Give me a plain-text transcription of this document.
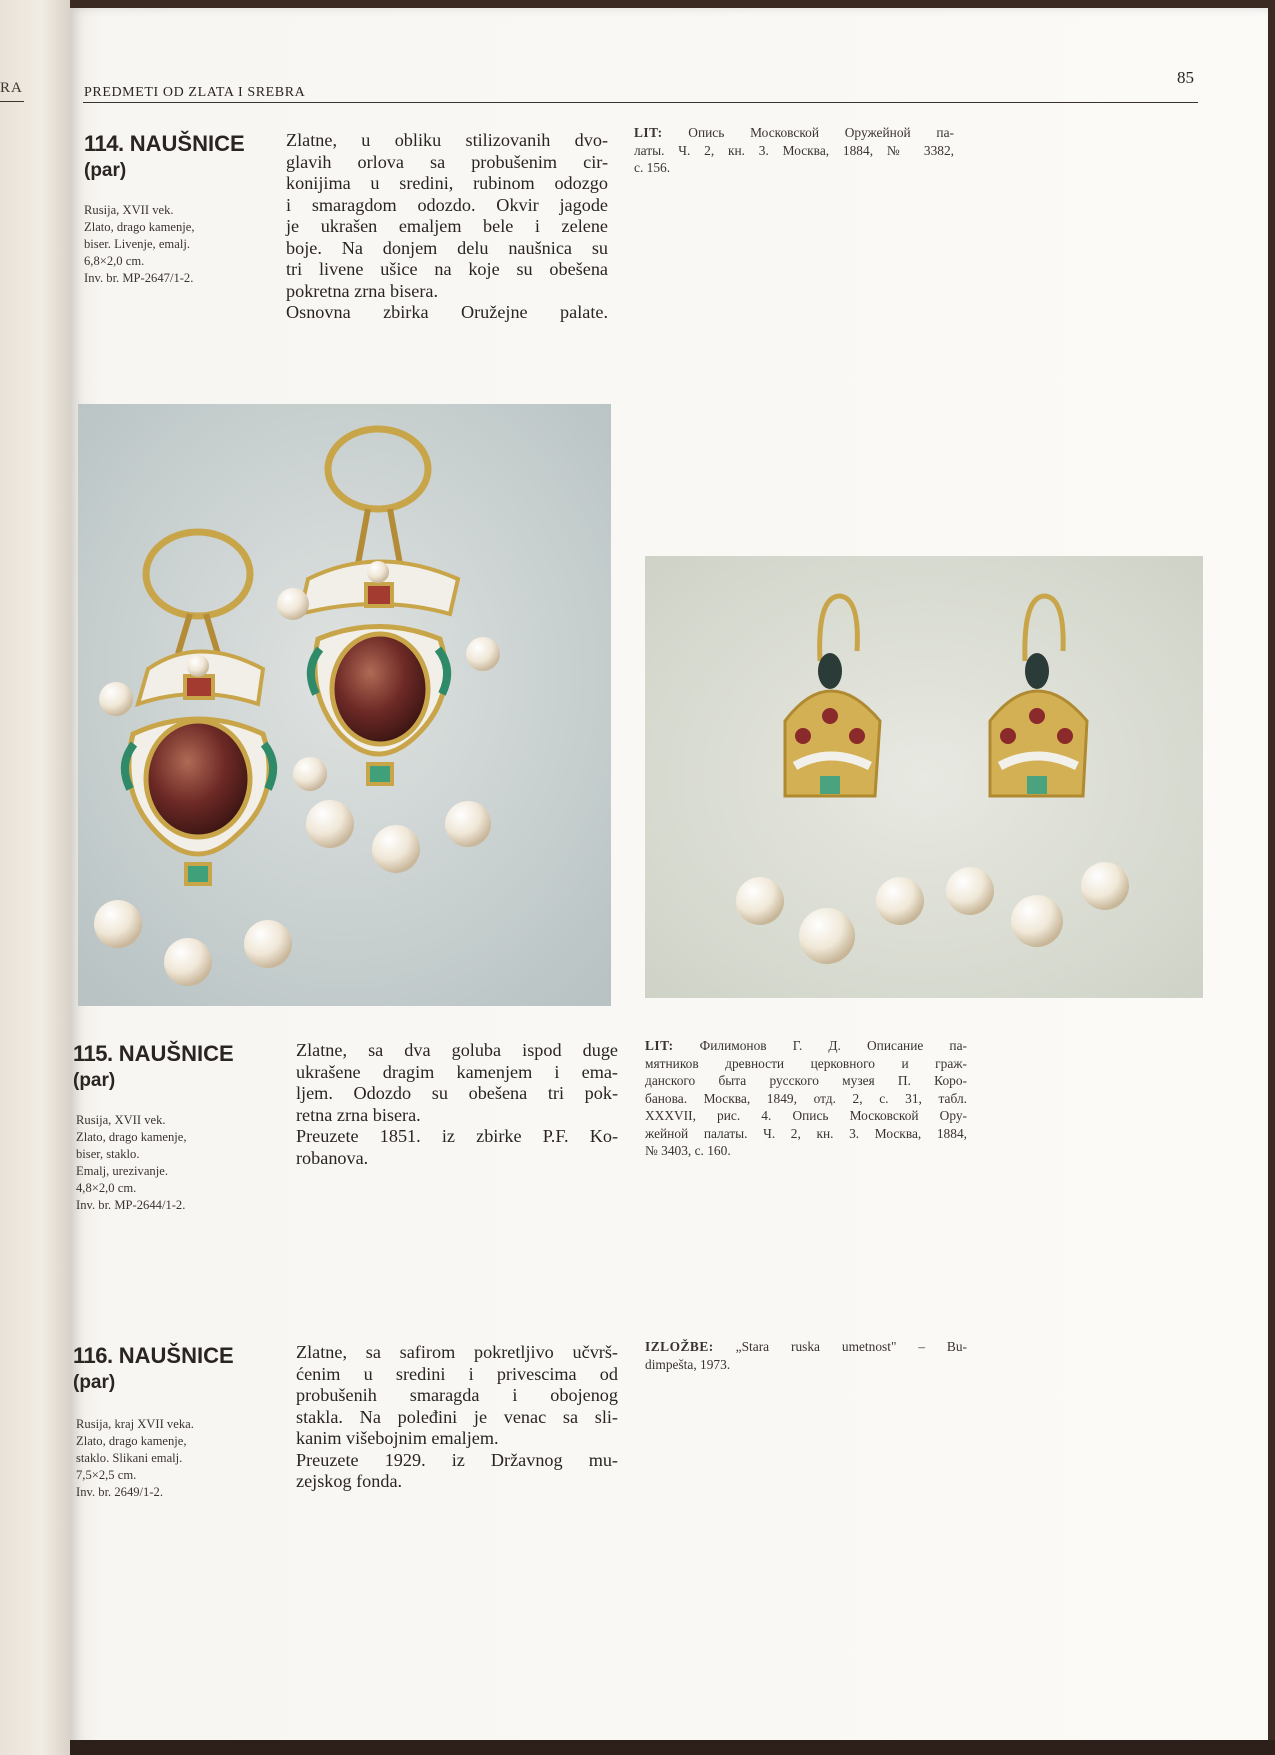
RA	PREDMETI OD ZLATA I SREBRA
85
114. NAUŠNICE
(par)
Rusija, XVII vek.
Zlato, drago kamenje,
biser. Livenje, emalj.
6,8×2,0 cm.
Inv. br. MP-2647/1-2.
Zlatne, u obliku stilizovanih dvo-
glavih orlova sa probušenim cir-
konijima u sredini, rubinom odozgo
i smaragdom odozdo. Okvir jagode
je ukrašen emaljem bele i zelene
boje. Na donjem delu naušnica su
tri livene ušice na koje su obešena
pokretna zrna bisera.
Osnovna zbirka Oružejne palate.
LIT: Опись Московской Оружейной па-
латы. Ч. 2, кн. 3. Москва, 1884, № 3382,
с. 156.
115. NAUŠNICE
(par)
Rusija, XVII vek.
Zlato, drago kamenje,
biser, staklo.
Emalj, urezivanje.
4,8×2,0 cm.
Inv. br. MP-2644/1-2.
Zlatne, sa dva goluba ispod duge
ukrašene dragim kamenjem i ema-
ljem. Odozdo su obešena tri pok-
retna zrna bisera.
Preuzete 1851. iz zbirke P.F. Ko-
robanova.
LIT: Филимонов Г. Д. Описание па-
мятников древности церковного и граж-
данского быта русского музея П. Коро-
банова. Москва, 1849, отд. 2, с. 31, табл.
XXXVII, рис. 4. Опись Московской Ору-
жейной палаты. Ч. 2, кн. 3. Москва, 1884,
№ 3403, с. 160.
116. NAUŠNICE
(par)
Rusija, kraj XVII veka.
Zlato, drago kamenje,
staklo. Slikani emalj.
7,5×2,5 cm.
Inv. br. 2649/1-2.
Zlatne, sa safirom pokretljivo učvrš-
ćenim u sredini i privescima od
probušenih smaragda i obojenog
stakla. Na poleđini je venac sa sli-
kanim višebojnim emaljem.
Preuzete 1929. iz Državnog mu-
zejskog fonda.
IZLOŽBE: „Stara ruska umetnost" – Bu-
dimpešta, 1973.
